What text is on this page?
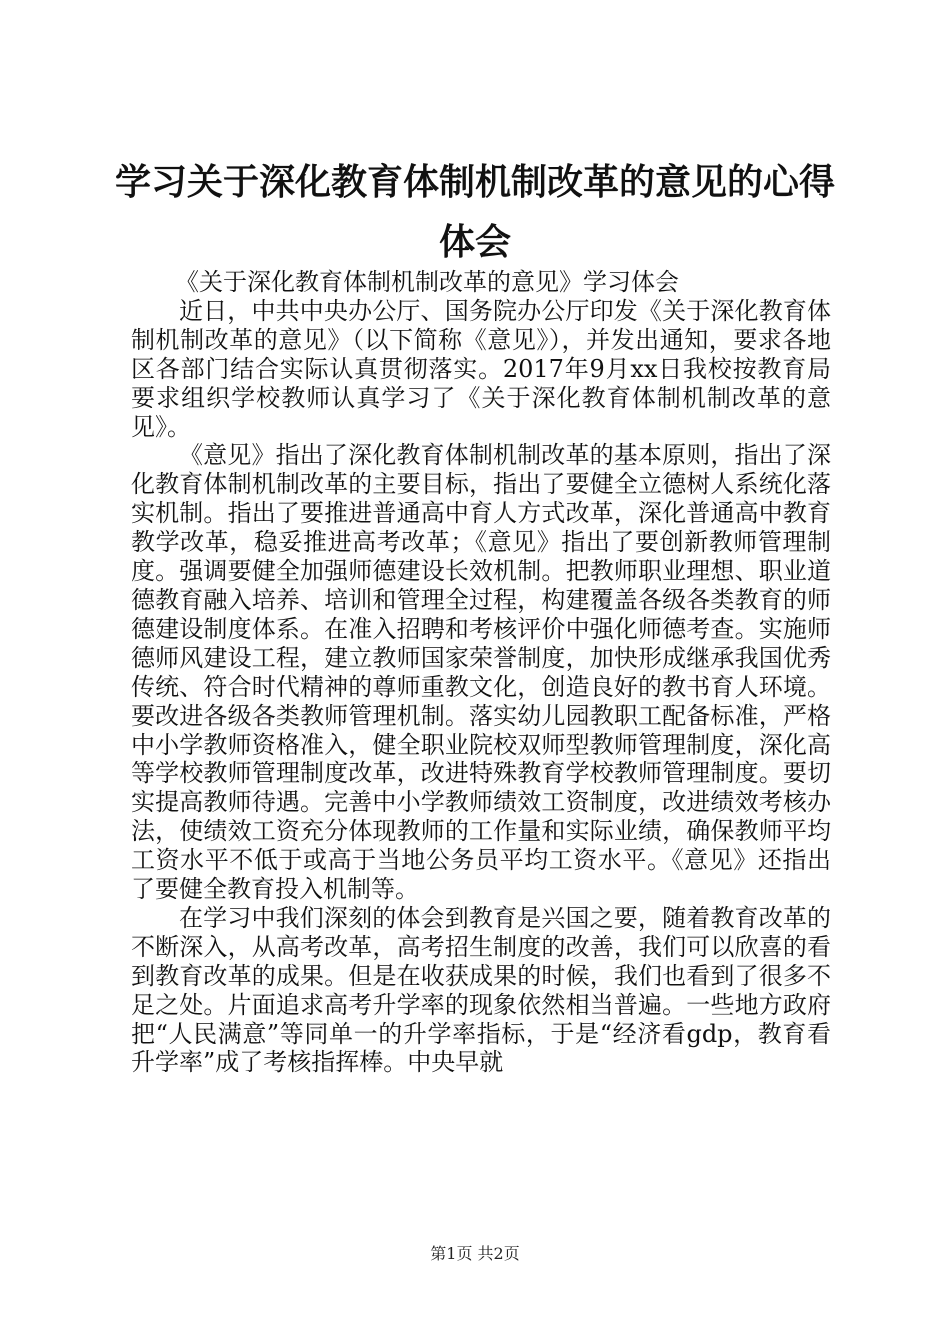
学习关于深化教育体制机制改革的意见的心得
体会

《关于深化教育体制机制改革的意见》学习体会

近日，中共中央办公厅、国务院办公厅印发《关于深化教育体制机制改革的意见》（以下简称《意见》），并发出通知，要求各地区各部门结合实际认真贯彻落实。2017年9月xx日我校按教育局要求组织学校教师认真学习了《关于深化教育体制机制改革的意见》。

《意见》指出了深化教育体制机制改革的基本原则，指出了深化教育体制机制改革的主要目标，指出了要健全立德树人系统化落实机制。指出了要推进普通高中育人方式改革，深化普通高中教育教学改革，稳妥推进高考改革；《意见》指出了要创新教师管理制度。强调要健全加强师德建设长效机制。把教师职业理想、职业道德教育融入培养、培训和管理全过程，构建覆盖各级各类教育的师德建设制度体系。在准入招聘和考核评价中强化师德考查。实施师德师风建设工程，建立教师国家荣誉制度，加快形成继承我国优秀传统、符合时代精神的尊师重教文化，创造良好的教书育人环境。要改进各级各类教师管理机制。落实幼儿园教职工配备标准，严格中小学教师资格准入，健全职业院校双师型教师管理制度，深化高等学校教师管理制度改革，改进特殊教育学校教师管理制度。要切实提高教师待遇。完善中小学教师绩效工资制度，改进绩效考核办法，使绩效工资充分体现教师的工作量和实际业绩，确保教师平均工资水平不低于或高于当地公务员平均工资水平。《意见》还指出了要健全教育投入机制等。

在学习中我们深刻的体会到教育是兴国之要，随着教育改革的不断深入，从高考改革，高考招生制度的改善，我们可以欣喜的看到教育改革的成果。但是在收获成果的时候，我们也看到了很多不足之处。片面追求高考升学率的现象依然相当普遍。一些地方政府把“人民满意”等同单一的升学率指标，于是“经济看gdp，教育看升学率”成了考核指挥棒。中央早就

第1页 共2页
